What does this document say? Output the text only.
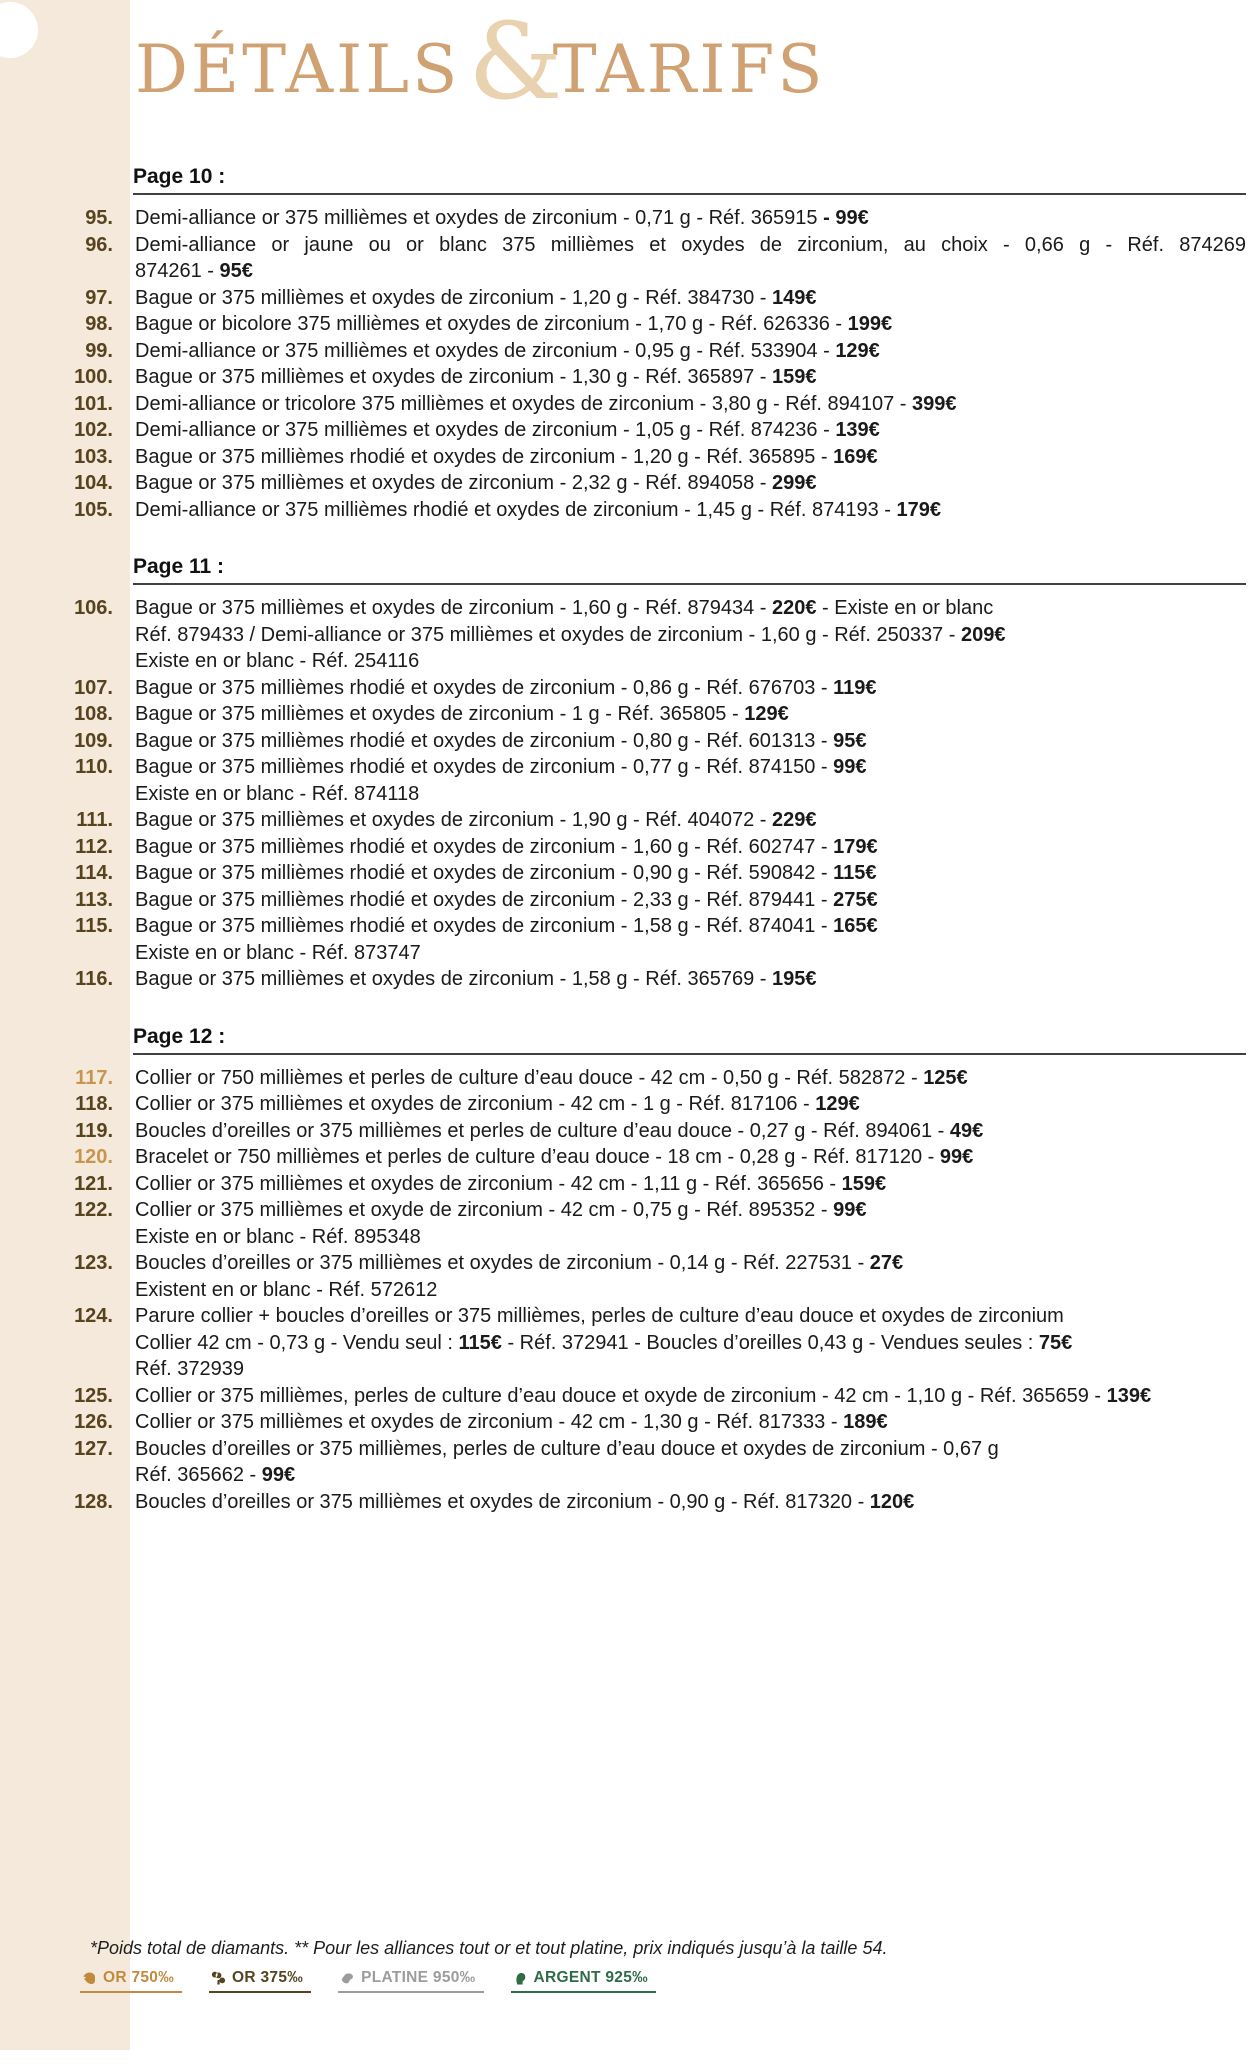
DÉTAILS &
TARIFS
Page 10 :
95. Demi-alliance or 375 millièmes et oxydes de zirconium - 0,71 g - Réf. 365915 - 99€
96. Demi-alliance or jaune ou or blanc 375 millièmes et oxydes de zirconium, au choix - 0,66 g - Réf. 874269
874261 - 95€
97. Bague or 375 millièmes et oxydes de zirconium - 1,20 g - Réf. 384730 - 149€
98. Bague or bicolore 375 millièmes et oxydes de zirconium - 1,70 g - Réf. 626336 - 199€
99. Demi-alliance or 375 millièmes et oxydes de zirconium - 0,95 g - Réf. 533904 - 129€
100. Bague or 375 millièmes et oxydes de zirconium - 1,30 g - Réf. 365897 - 159€
101. Demi-alliance or tricolore 375 millièmes et oxydes de zirconium - 3,80 g - Réf. 894107 - 399€
102. Demi-alliance or 375 millièmes et oxydes de zirconium - 1,05 g - Réf. 874236 - 139€
103. Bague or 375 millièmes rhodié et oxydes de zirconium - 1,20 g - Réf. 365895 - 169€
104. Bague or 375 millièmes et oxydes de zirconium - 2,32 g - Réf. 894058 - 299€
105. Demi-alliance or 375 millièmes rhodié et oxydes de zirconium - 1,45 g - Réf. 874193 - 179€
Page 11 :
106. Bague or 375 millièmes et oxydes de zirconium - 1,60 g - Réf. 879434 - 220€ - Existe en or blanc
Réf. 879433 / Demi-alliance or 375 millièmes et oxydes de zirconium - 1,60 g - Réf. 250337 - 209€
Existe en or blanc - Réf. 254116
107. Bague or 375 millièmes rhodié et oxydes de zirconium - 0,86 g - Réf. 676703 - 119€
108. Bague or 375 millièmes et oxydes de zirconium - 1 g - Réf. 365805 - 129€
109. Bague or 375 millièmes rhodié et oxydes de zirconium - 0,80 g - Réf. 601313 - 95€
110. Bague or 375 millièmes rhodié et oxydes de zirconium - 0,77 g - Réf. 874150 - 99€
Existe en or blanc - Réf. 874118
111. Bague or 375 millièmes et oxydes de zirconium - 1,90 g - Réf. 404072 - 229€
112. Bague or 375 millièmes rhodié et oxydes de zirconium - 1,60 g - Réf. 602747 - 179€
114. Bague or 375 millièmes rhodié et oxydes de zirconium - 0,90 g - Réf. 590842 - 115€
113. Bague or 375 millièmes rhodié et oxydes de zirconium - 2,33 g - Réf. 879441 - 275€
115. Bague or 375 millièmes rhodié et oxydes de zirconium - 1,58 g - Réf. 874041 - 165€
Existe en or blanc - Réf. 873747
116. Bague or 375 millièmes et oxydes de zirconium - 1,58 g - Réf. 365769 - 195€
Page 12 :
117. Collier or 750 millièmes et perles de culture d’eau douce - 42 cm - 0,50 g - Réf. 582872 - 125€
118. Collier or 375 millièmes et oxydes de zirconium - 42 cm - 1 g - Réf. 817106 - 129€
119. Boucles d’oreilles or 375 millièmes et perles de culture d’eau douce - 0,27 g - Réf. 894061 - 49€
120. Bracelet or 750 millièmes et perles de culture d’eau douce - 18 cm - 0,28 g - Réf. 817120 - 99€
121. Collier or 375 millièmes et oxydes de zirconium - 42 cm - 1,11 g - Réf. 365656 - 159€
122. Collier or 375 millièmes et oxyde de zirconium - 42 cm - 0,75 g - Réf. 895352 - 99€
Existe en or blanc - Réf. 895348
123. Boucles d’oreilles or 375 millièmes et oxydes de zirconium - 0,14 g - Réf. 227531 - 27€
Existent en or blanc - Réf. 572612
124. Parure collier + boucles d’oreilles or 375 millièmes, perles de culture d’eau douce et oxydes de zirconium
Collier 42 cm - 0,73 g - Vendu seul : 115€ - Réf. 372941 - Boucles d’oreilles 0,43 g - Vendues seules : 75€
Réf. 372939
125. Collier or 375 millièmes, perles de culture d’eau douce et oxyde de zirconium - 42 cm - 1,10 g - Réf. 365659 - 139€
126. Collier or 375 millièmes et oxydes de zirconium - 42 cm - 1,30 g - Réf. 817333 - 189€
127. Boucles d’oreilles or 375 millièmes, perles de culture d’eau douce et oxydes de zirconium - 0,67 g
Réf. 365662 - 99€
128. Boucles d’oreilles or 375 millièmes et oxydes de zirconium - 0,90 g - Réf. 817320 - 120€

*Poids total de diamants. ** Pour les alliances tout or et tout platine, prix indiqués jusqu’à la taille 54.

OR 750‰	OR 375‰	PLATINE 950‰	ARGENT 925‰
